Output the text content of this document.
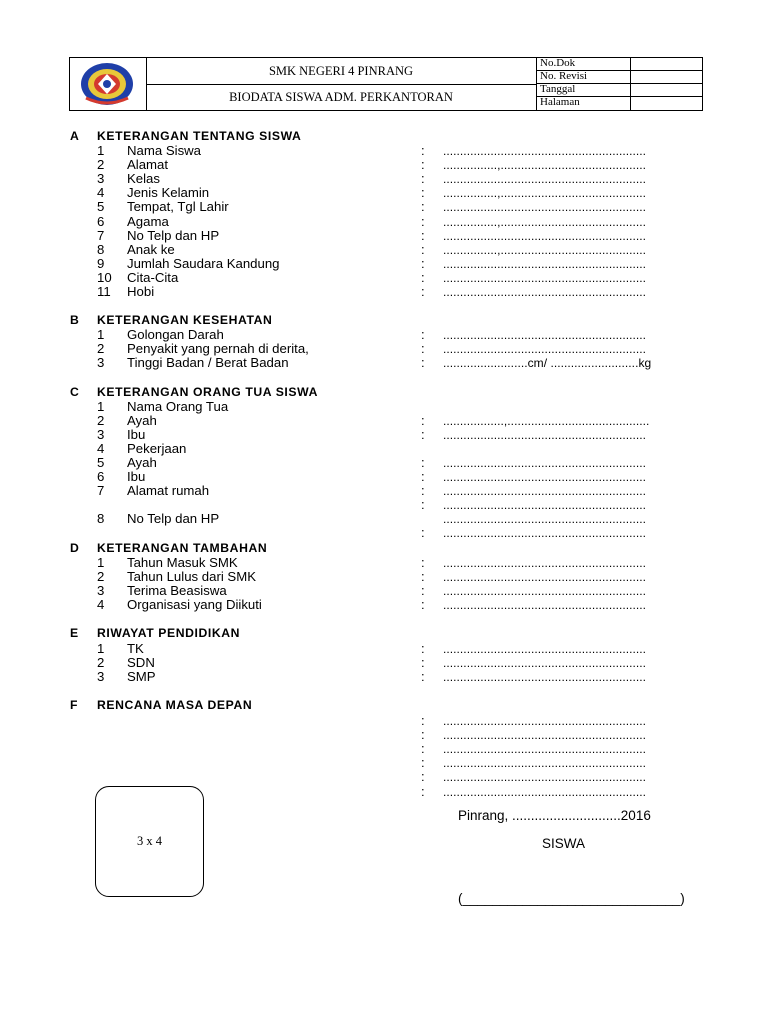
SMK NEGERI 4 PINRANG
BIODATA SISWA ADM. PERKANTORAN
No.Dok
No. Revisi
Tanggal
Halaman
A KETERANGAN TENTANG SISWA
1 Nama Siswa	: ............................................................
2 Alamat	: ................,...........................................
3 Kelas	: ............................................................
4 Jenis Kelamin	: ................,...........................................
5 Tempat, Tgl Lahir	: ............................................................
6 Agama	: ................,...........................................
7 No Telp dan HP	: ............................................................
8 Anak ke	: ................,...........................................
9 Jumlah Saudara Kandung	: ............................................................
10 Cita-Cita	: ............................................................
11 Hobi	: ............................................................
B KETERANGAN KESEHATAN
1 Golongan Darah	: ............................................................
2 Penyakit yang pernah di derita,	: ............................................................
3 Tinggi Badan / Berat Badan	: .........................cm/ ..........................kg
C KETERANGAN ORANG TUA SISWA
1 Nama Orang Tua
2 Ayah	: ..................,..........................................
3 Ibu	: ............................................................
4 Pekerjaan
5 Ayah	: ............................................................
6 Ibu	: ............................................................
7 Alamat rumah	: ............................................................
: ............................................................
8 No Telp dan HP	............................................................
: ............................................................
D KETERANGAN TAMBAHAN
1 Tahun Masuk SMK	: ............................................................
2 Tahun Lulus dari SMK	: ............................................................
3 Terima Beasiswa	: ............................................................
4 Organisasi yang Diikuti	: ............................................................
E RIWAYAT PENDIDIKAN
1 TK	: ............................................................
2 SDN	: ............................................................
3 SMP	: ............................................................
F RENCANA MASA DEPAN
: ............................................................
: ............................................................
: ............................................................
: ............................................................
: ............................................................
: ............................................................
3 x 4
Pinrang, .............................2016
SISWA
(_____________________________)
